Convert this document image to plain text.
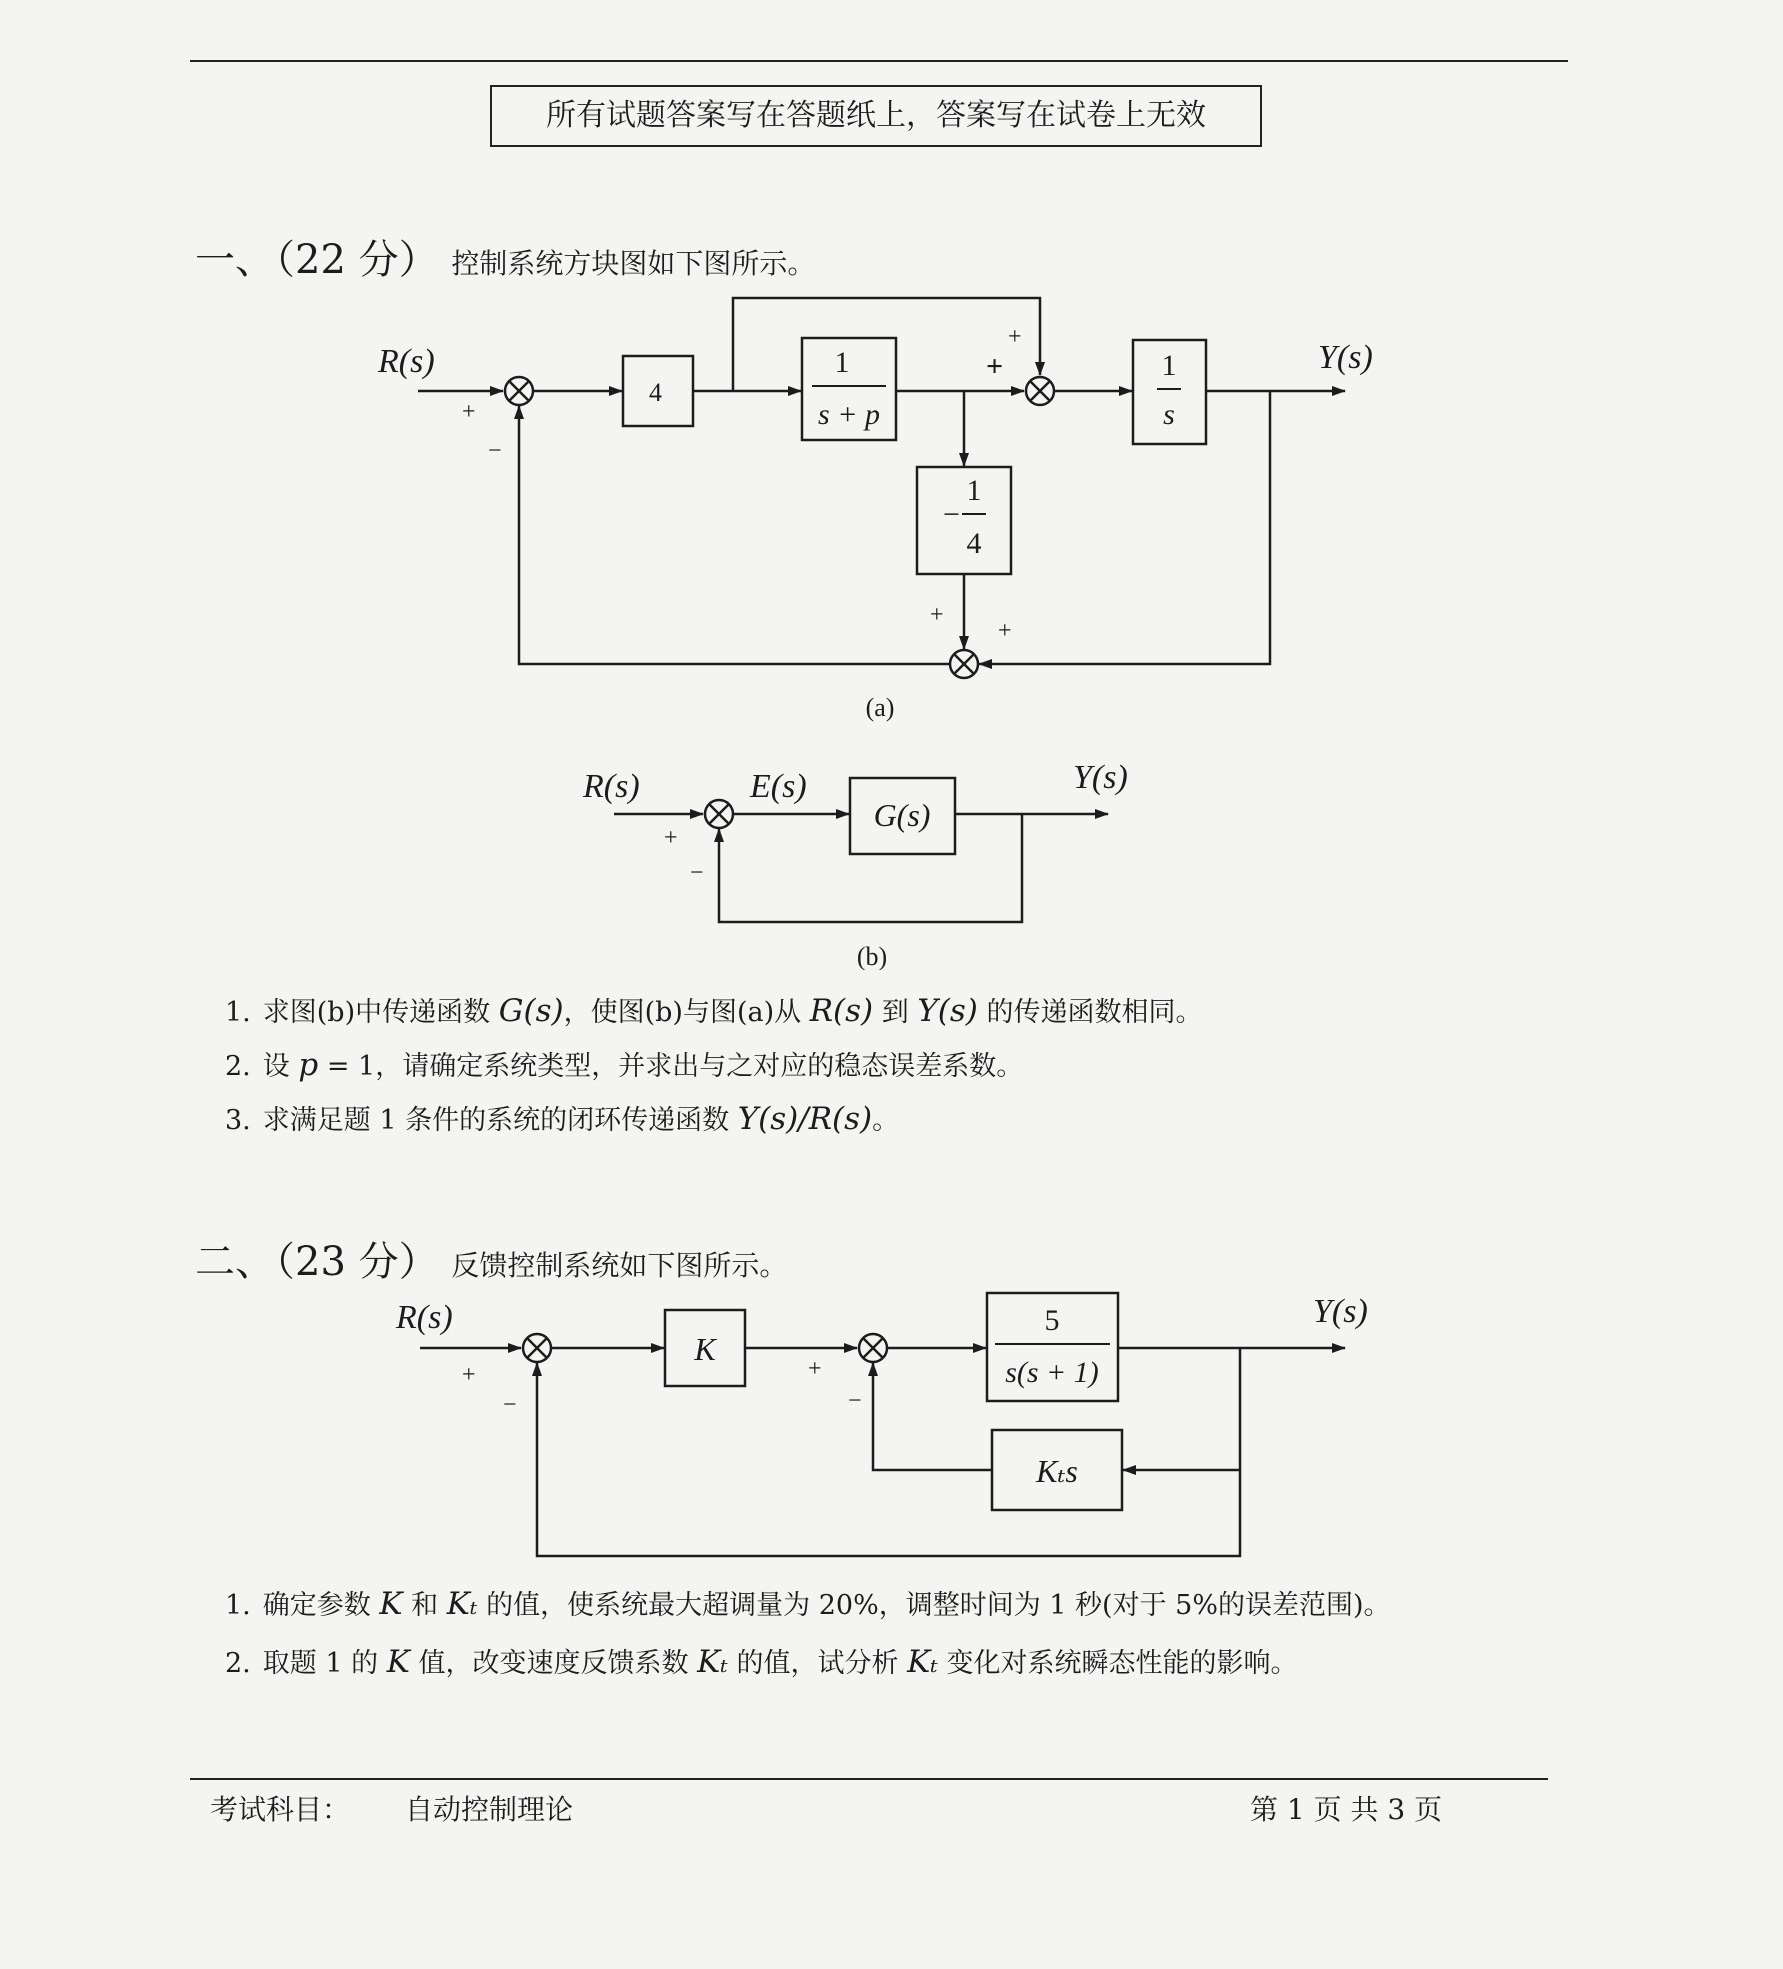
所有试题答案写在答题纸上，答案写在试卷上无效
一、（22 分） 控制系统方块图如下图所示。
R(s)	Y(s)
4
1
s + p
1
s
−
1
4
+
−
+
+
+
+
(a)
R(s)	E(s)
G(s)
Y(s)
+
−
(b)
1. 求图(b)中传递函数 G(s)，使图(b)与图(a)从 R(s) 到 Y(s) 的传递函数相同。
2. 设 p = 1，请确定系统类型，并求出与之对应的稳态误差系数。
3. 求满足题 1 条件的系统的闭环传递函数 Y(s)/R(s)。
二、（23 分） 反馈控制系统如下图所示。
R(s)	Y(s)
K
5
s(s + 1)
Kₜs
+
−
+
−
1. 确定参数 K 和 Kₜ 的值，使系统最大超调量为 20%，调整时间为 1 秒(对于 5%的误差范围)。
2. 取题 1 的 K 值，改变速度反馈系数 Kₜ 的值，试分析 Kₜ 变化对系统瞬态性能的影响。
考试科目： 自动控制理论	第 1 页 共 3 页
